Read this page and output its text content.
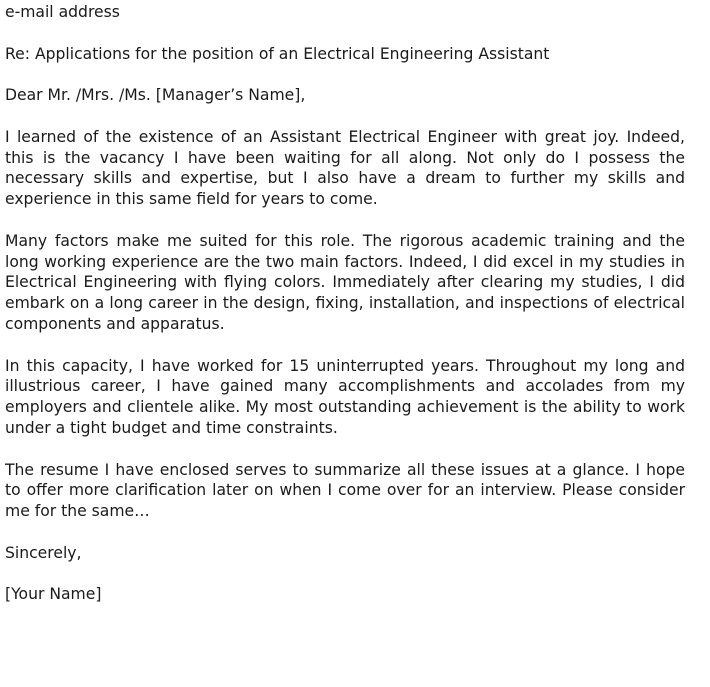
e-mail address

Re: Applications for the position of an Electrical Engineering Assistant

Dear Mr. /Mrs. /Ms. [Manager’s Name],

I learned of the existence of an Assistant Electrical Engineer with great joy. Indeed, this is the vacancy I have been waiting for all along. Not only do I possess the necessary skills and expertise, but I also have a dream to further my skills and experience in this same field for years to come.

Many factors make me suited for this role. The rigorous academic training and the long working experience are the two main factors. Indeed, I did excel in my studies in Electrical Engineering with flying colors. Immediately after clearing my studies, I did embark on a long career in the design, fixing, installation, and inspections of electrical components and apparatus.

In this capacity, I have worked for 15 uninterrupted years. Throughout my long and illustrious career, I have gained many accomplishments and accolades from my employers and clientele alike. My most outstanding achievement is the ability to work under a tight budget and time constraints.

The resume I have enclosed serves to summarize all these issues at a glance. I hope to offer more clarification later on when I come over for an interview. Please consider me for the same…

Sincerely,

[Your Name]
